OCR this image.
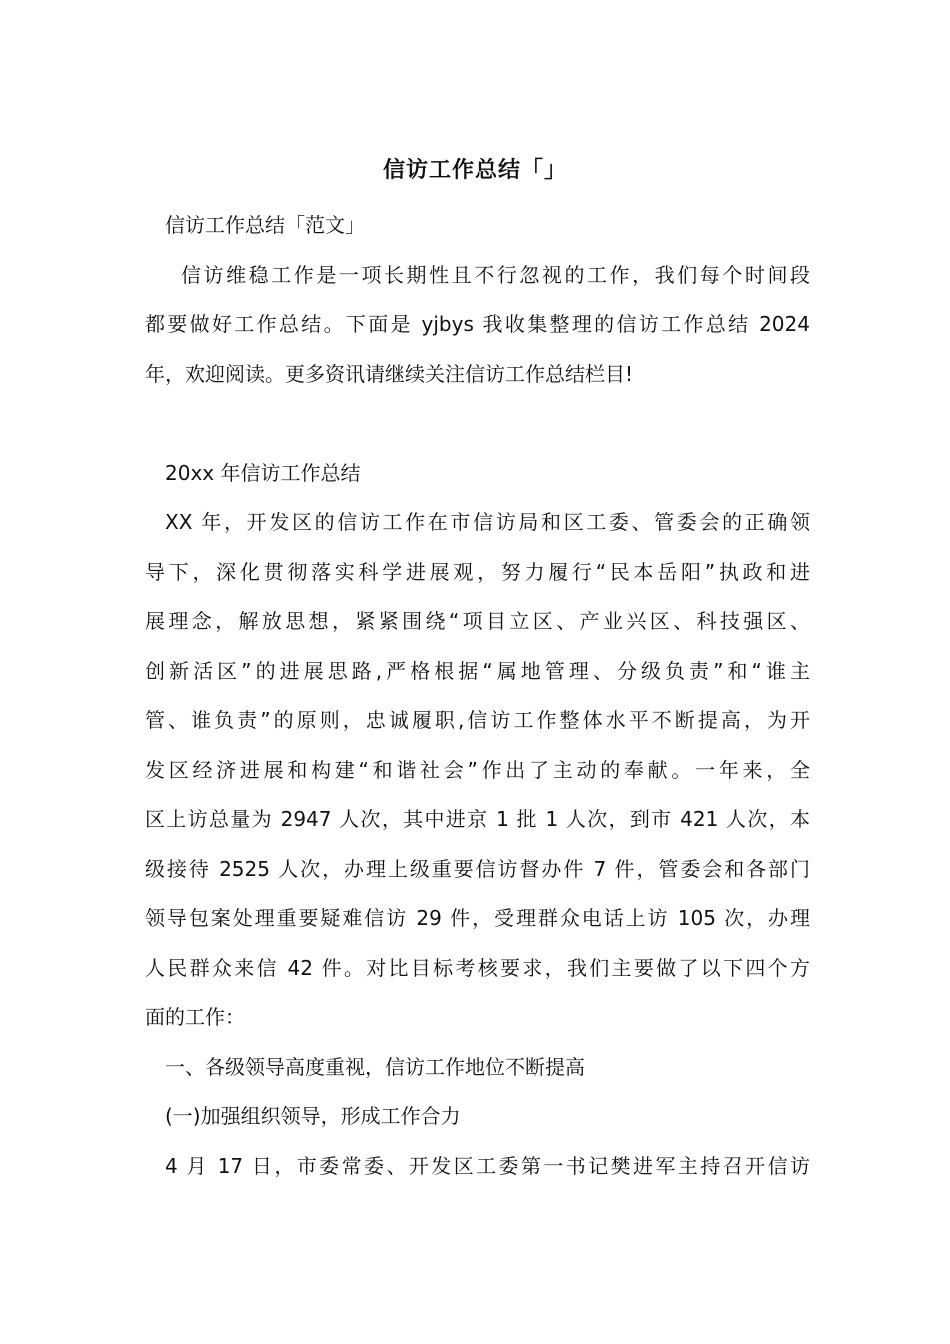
信访工作总结「」
信访工作总结「范文」
信访维稳工作是一项长期性且不行忽视的工作，我们每个时间段
都要做好工作总结。下面是 yjbys 我收集整理的信访工作总结 2024
年，欢迎阅读。更多资讯请继续关注信访工作总结栏目!
20xx 年信访工作总结
XX 年，开发区的信访工作在市信访局和区工委、管委会的正确领
导下，深化贯彻落实科学进展观，努力履行“民本岳阳”执政和进
展理念，解放思想，紧紧围绕“项目立区、产业兴区、科技强区、
创新活区”的进展思路,严格根据“属地管理、分级负责”和“谁主
管、谁负责”的原则，忠诚履职,信访工作整体水平不断提高，为开
发区经济进展和构建“和谐社会”作出了主动的奉献。一年来，全
区上访总量为 2947 人次，其中进京 1 批 1 人次，到市 421 人次，本
级接待 2525 人次，办理上级重要信访督办件 7 件，管委会和各部门
领导包案处理重要疑难信访 29 件，受理群众电话上访 105 次，办理
人民群众来信 42 件。对比目标考核要求，我们主要做了以下四个方
面的工作：
一、各级领导高度重视，信访工作地位不断提高
(一)加强组织领导，形成工作合力
4 月 17 日，市委常委、开发区工委第一书记樊进军主持召开信访
